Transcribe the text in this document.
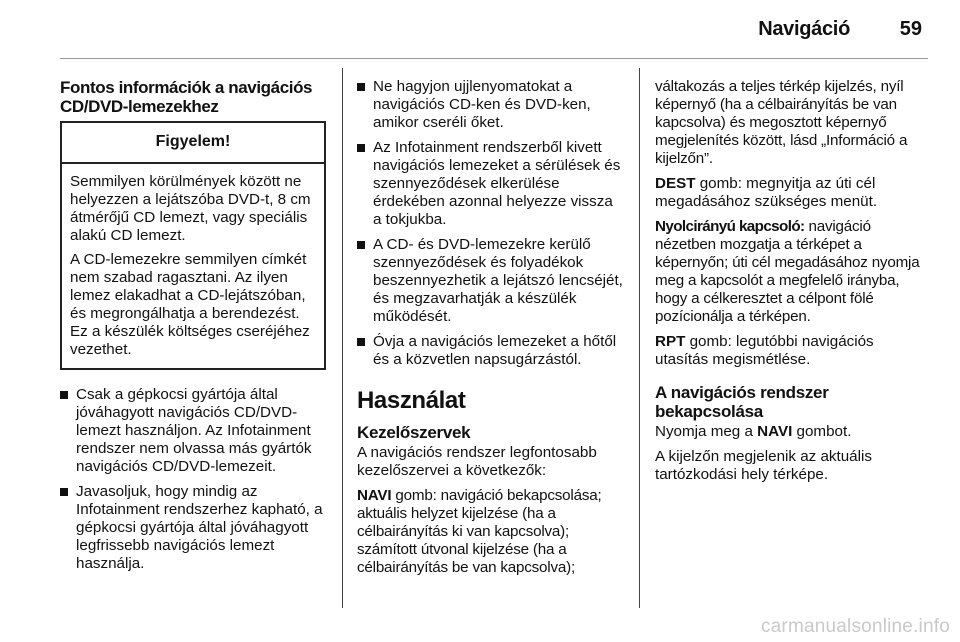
Navigáció	59
Fontos információk a navigációs CD/DVD-lemezekhez
Figyelem!

Semmilyen körülmények között ne helyezzen a lejátszóba DVD-t, 8 cm átmérőjű CD lemezt, vagy speciális alakú CD lemezt.

A CD-lemezekre semmilyen címkét nem szabad ragasztani. Az ilyen lemez elakadhat a CD-lejátszóban, és megrongálhatja a berendezést. Ez a készülék költséges cseréjéhez vezethet.

Csak a gépkocsi gyártója által jóváhagyott navigációs CD/DVD-lemezt használjon. Az Infotainment rendszer nem olvassa más gyártók navigációs CD/DVD-lemezeit.
Javasoljuk, hogy mindig az Infotainment rendszerhez kapható, a gépkocsi gyártója által jóváhagyott legfrissebb navigációs lemezt használja.
Ne hagyjon ujjlenyomatokat a navigációs CD-ken és DVD-ken, amikor cseréli őket.
Az Infotainment rendszerből kivett navigációs lemezeket a sérülések és szennyeződések elkerülése érdekében azonnal helyezze vissza a tokjukba.
A CD- és DVD-lemezekre kerülő szennyeződések és folyadékok beszennyezhetik a lejátszó lencséjét, és megzavarhatják a készülék működését.
Óvja a navigációs lemezeket a hőtől és a közvetlen napsugárzástól.
Használat
Kezelőszervek

A navigációs rendszer legfontosabb kezelőszervei a következők:

NAVI gomb: navigáció bekapcsolása; aktuális helyzet kijelzése (ha a célbairányítás ki van kapcsolva); számított útvonal kijelzése (ha a célbairányítás be van kapcsolva);

váltakozás a teljes térkép kijelzés, nyíl képernyő (ha a célbairányítás be van kapcsolva) és megosztott képernyő megjelenítés között, lásd „Információ a kijelzőn”.

DEST gomb: megnyitja az úti cél megadásához szükséges menüt.

Nyolcirányú kapcsoló: navigáció nézetben mozgatja a térképet a képernyőn; úti cél megadásához nyomja meg a kapcsolót a megfelelő irányba, hogy a célkeresztet a célpont fölé pozícionálja a térképen.

RPT gomb: legutóbbi navigációs utasítás megismétlése.

A navigációs rendszer bekapcsolása

Nyomja meg a NAVI gombot.

A kijelzőn megjelenik az aktuális tartózkodási hely térképe.

carmanualsonline.info
